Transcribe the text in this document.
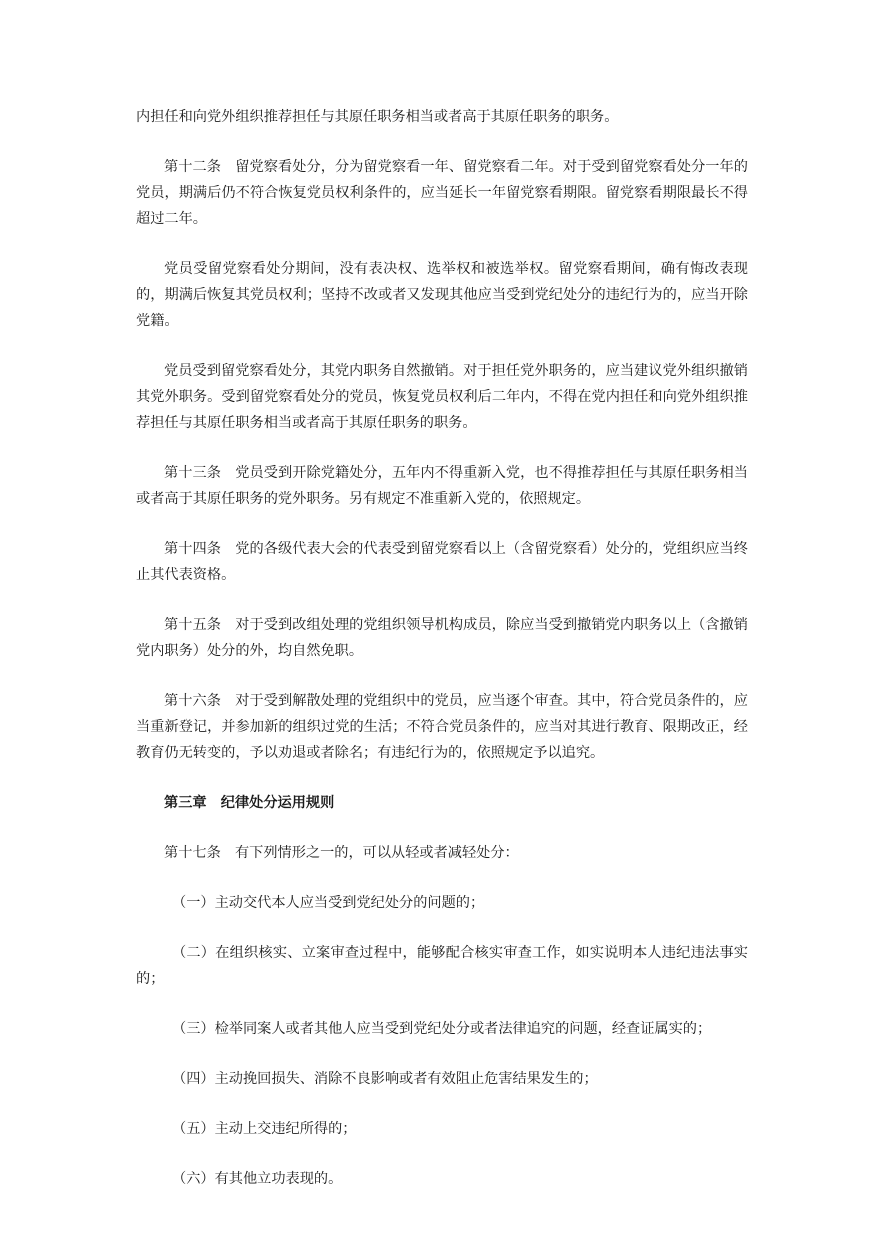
内担任和向党外组织推荐担任与其原任职务相当或者高于其原任职务的职务。

第十二条　留党察看处分，分为留党察看一年、留党察看二年。对于受到留党察看处分一年的党员，期满后仍不符合恢复党员权利条件的，应当延长一年留党察看期限。留党察看期限最长不得超过二年。

党员受留党察看处分期间，没有表决权、选举权和被选举权。留党察看期间，确有悔改表现的，期满后恢复其党员权利；坚持不改或者又发现其他应当受到党纪处分的违纪行为的，应当开除党籍。

党员受到留党察看处分，其党内职务自然撤销。对于担任党外职务的，应当建议党外组织撤销其党外职务。受到留党察看处分的党员，恢复党员权利后二年内，不得在党内担任和向党外组织推荐担任与其原任职务相当或者高于其原任职务的职务。

第十三条　党员受到开除党籍处分，五年内不得重新入党，也不得推荐担任与其原任职务相当或者高于其原任职务的党外职务。另有规定不准重新入党的，依照规定。

第十四条　党的各级代表大会的代表受到留党察看以上（含留党察看）处分的，党组织应当终止其代表资格。

第十五条　对于受到改组处理的党组织领导机构成员，除应当受到撤销党内职务以上（含撤销党内职务）处分的外，均自然免职。

第十六条　对于受到解散处理的党组织中的党员，应当逐个审查。其中，符合党员条件的，应当重新登记，并参加新的组织过党的生活；不符合党员条件的，应当对其进行教育、限期改正，经教育仍无转变的，予以劝退或者除名；有违纪行为的，依照规定予以追究。

第三章　纪律处分运用规则

第十七条　有下列情形之一的，可以从轻或者减轻处分：

（一）主动交代本人应当受到党纪处分的问题的；

（二）在组织核实、立案审查过程中，能够配合核实审查工作，如实说明本人违纪违法事实的；

（三）检举同案人或者其他人应当受到党纪处分或者法律追究的问题，经查证属实的；

（四）主动挽回损失、消除不良影响或者有效阻止危害结果发生的；

（五）主动上交违纪所得的；

（六）有其他立功表现的。
